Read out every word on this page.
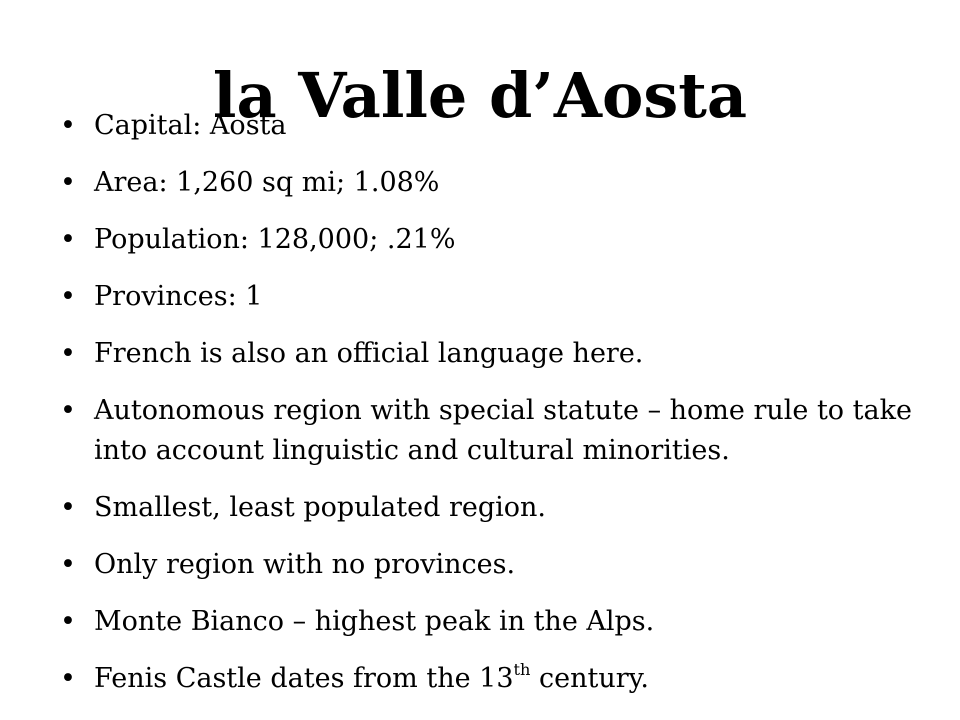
la Valle d’Aosta
• Capital: Aosta
• Area: 1,260 sq mi; 1.08%
• Population: 128,000; .21%
• Provinces: 1
• French is also an official language here.
• Autonomous region with special statute – home rule to take into account linguistic and cultural minorities.
• Smallest, least populated region.
• Only region with no provinces.
• Monte Bianco – highest peak in the Alps.
• Fenis Castle dates from the 13th century.
